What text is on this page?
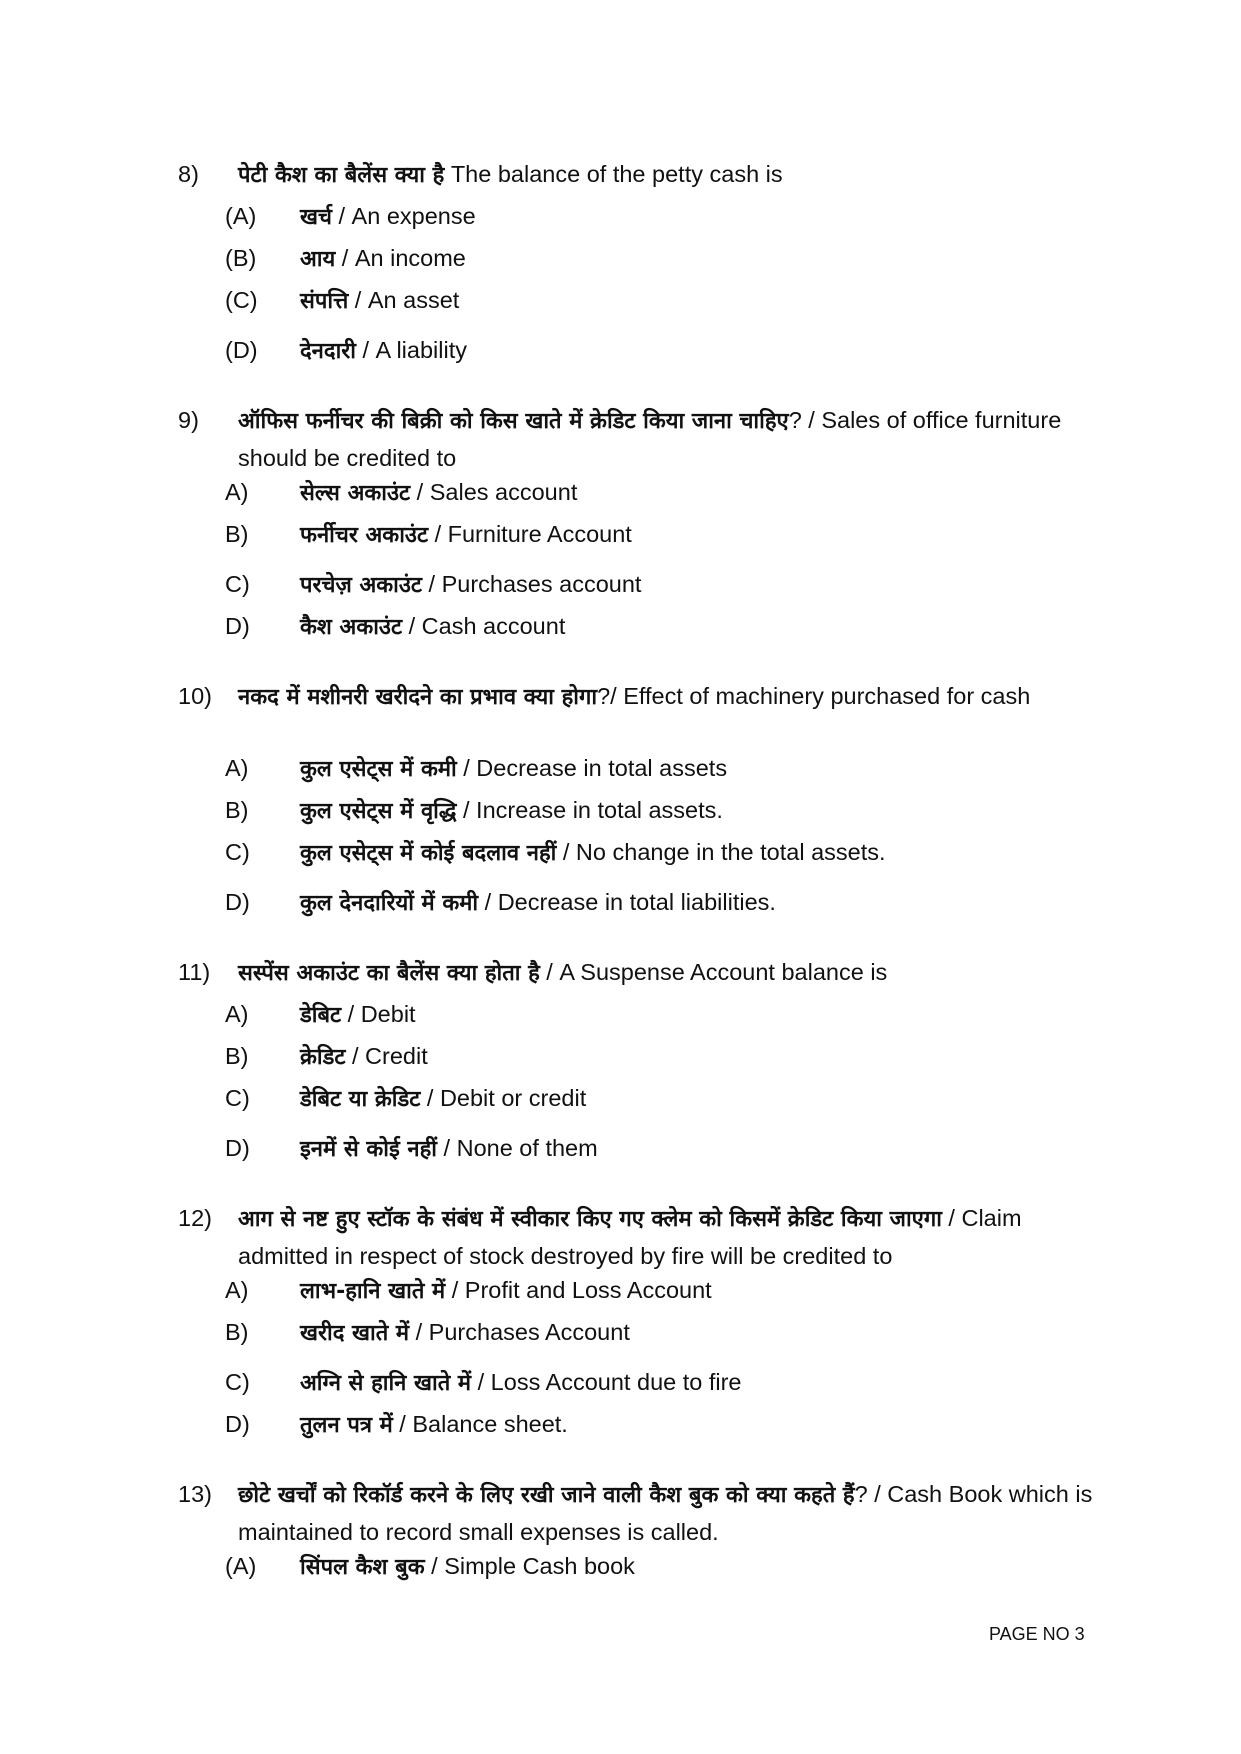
8) पेटी कैश का बैलेंस क्या है The balance of the petty cash is
(A) खर्च / An expense
(B) आय / An income
(C) संपत्ति / An asset
(D) देनदारी / A liability
9) ऑफिस फर्नीचर की बिक्री को किस खाते में क्रेडिट किया जाना चाहिए? / Sales of office furniture should be credited to
A) सेल्स अकाउंट / Sales account
B) फर्नीचर अकाउंट / Furniture Account
C) परचेज़ अकाउंट / Purchases account
D) कैश अकाउंट / Cash account
10) नकद में मशीनरी खरीदने का प्रभाव क्या होगा?/ Effect of machinery purchased for cash
A) कुल एसेट्स में कमी / Decrease in total assets
B) कुल एसेट्स में वृद्धि / Increase in total assets.
C) कुल एसेट्स में कोई बदलाव नहीं / No change in the total assets.
D) कुल देनदारियों में कमी / Decrease in total liabilities.
11) सस्पेंस अकाउंट का बैलेंस क्या होता है / A Suspense Account balance is
A) डेबिट / Debit
B) क्रेडिट / Credit
C) डेबिट या क्रेडिट / Debit or credit
D) इनमें से कोई नहीं / None of them
12) आग से नष्ट हुए स्टॉक के संबंध में स्वीकार किए गए क्लेम को किसमें क्रेडिट किया जाएगा / Claim admitted in respect of stock destroyed by fire will be credited to
A) लाभ-हानि खाते में / Profit and Loss Account
B) खरीद खाते में / Purchases Account
C) अग्नि से हानि खाते में / Loss Account due to fire
D) तुलन पत्र में / Balance sheet.
13) छोटे खर्चों को रिकॉर्ड करने के लिए रखी जाने वाली कैश बुक को क्या कहते हैं? / Cash Book which is maintained to record small expenses is called.
(A) सिंपल कैश बुक / Simple Cash book
PAGE NO 3
